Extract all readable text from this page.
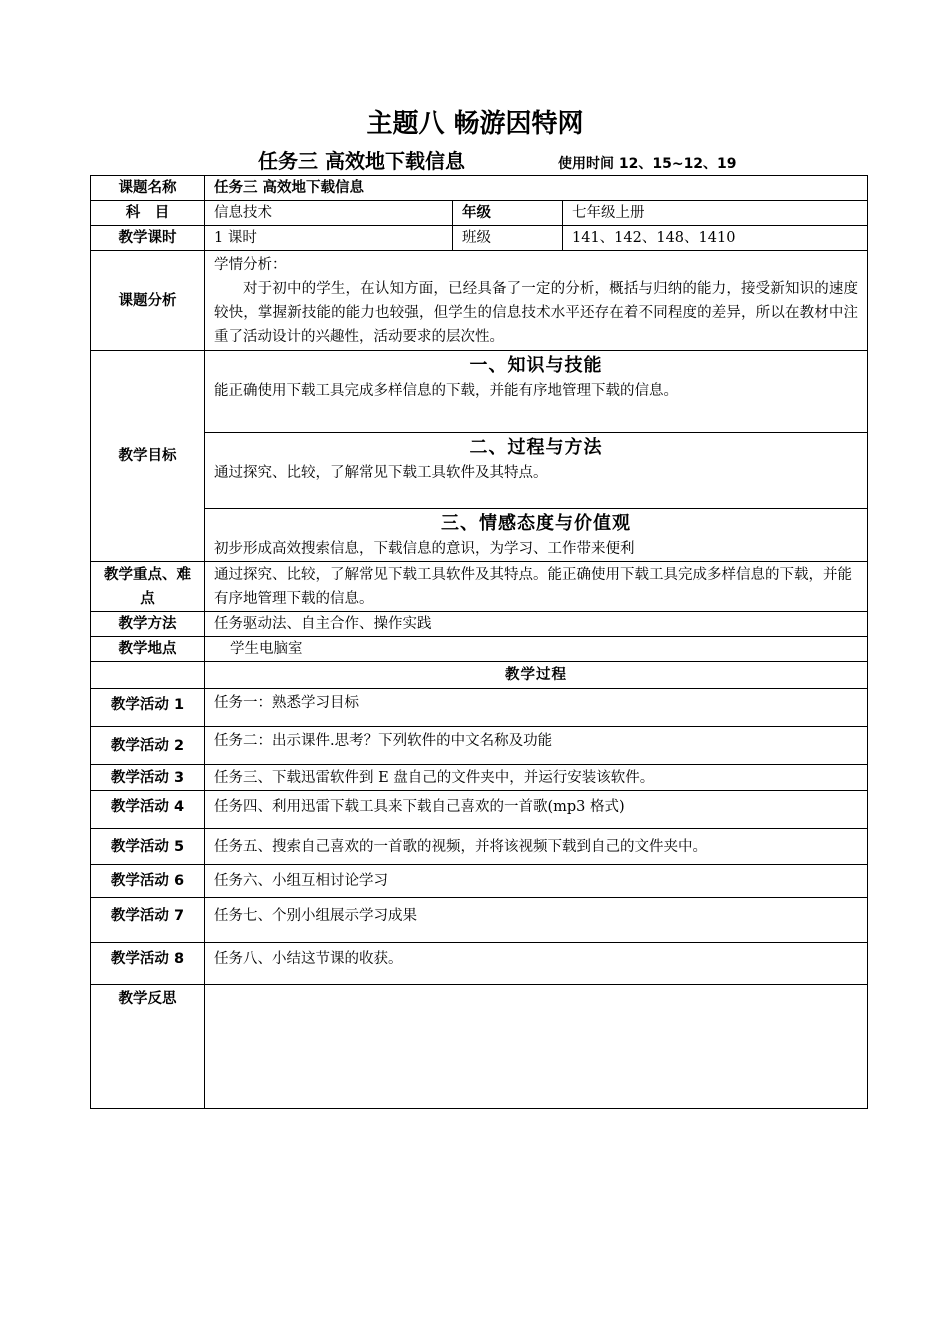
主题八 畅游因特网
任务三 高效地下载信息	使用时间 12、15~12、19
课题名称	任务三 高效地下载信息		
科　目	信息技术	年级	七年级上册
教学课时	1 课时	班级	141、142、148、1410
课题分析	学情分析：
对于初中的学生，在认知方面，已经具备了一定的分析，概括与归纳的能力，接受新知识的速度较快，掌握新技能的能力也较强，但学生的信息技术水平还存在着不同程度的差异，所以在教材中注重了活动设计的兴趣性，活动要求的层次性。		

教学目标	一、知识与技能
能正确使用下载工具完成多样信息的下载，并能有序地管理下载的信息。		

	二、过程与方法
通过探究、比较，了解常见下载工具软件及其特点。		

	三、情感态度与价值观
初步形成高效搜索信息，下载信息的意识，为学习、工作带来便利		

教学重点、难点	通过探究、比较，了解常见下载工具软件及其特点。能正确使用下载工具完成多样信息的下载，并能有序地管理下载的信息。		
教学方法	任务驱动法、自主合作、操作实践		
教学地点	学生电脑室		
	教学过程		
教学活动 1	任务一：熟悉学习目标		
教学活动 2	任务二：出示课件.思考？下列软件的中文名称及功能		
教学活动 3	任务三、下载迅雷软件到 E 盘自己的文件夹中，并运行安装该软件。		
教学活动 4	任务四、利用迅雷下载工具来下载自己喜欢的一首歌(mp3 格式)		
教学活动 5	任务五、搜索自己喜欢的一首歌的视频，并将该视频下载到自己的文件夹中。		
教学活动 6	任务六、小组互相讨论学习		
教学活动 7	任务七、个别小组展示学习成果		
教学活动 8	任务八、小结这节课的收获。		
教学反思			
